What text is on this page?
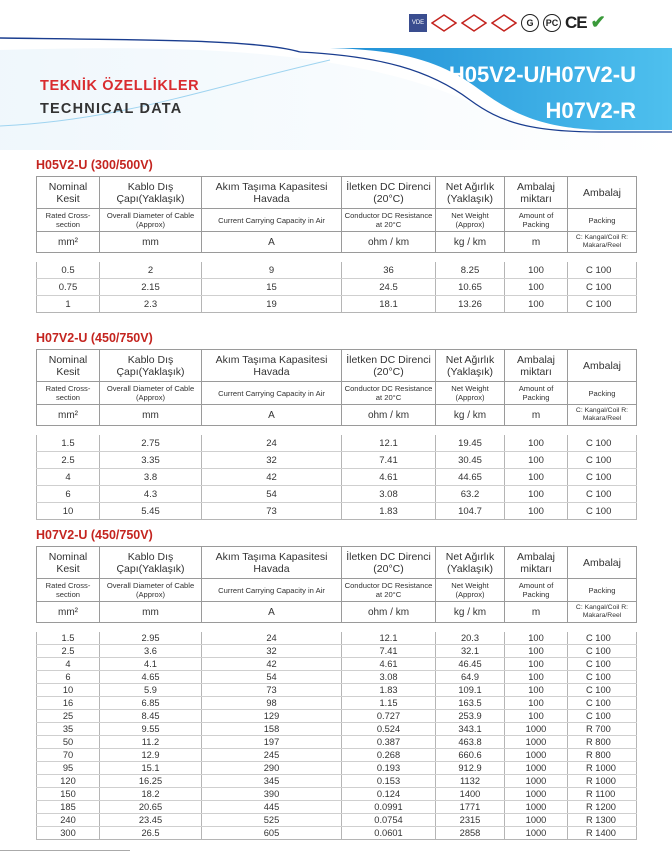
TEKNİK ÖZELLİKLER
TECHNICAL DATA
H05V2-U/H07V2-U
H07V2-R
VDE	G	PC CE ✔
H05V2-U (300/500V)
Nominal Kesit	Kablo Dış Çapı(Yaklaşık)	Akım Taşıma Kapasitesi Havada	İletken DC Direnci (20°C)	Net Ağırlık (Yaklaşık)	Ambalaj miktarı	Ambalaj
Rated Cross-section	Overall Diameter of Cable (Approx)	Current Carrying Capacity in Air	Conductor DC Resistance at 20°C	Net Weight (Approx)	Amount of Packing	Packing
mm²	mm	A	ohm / km	kg / km	m	C: Kangal/Coil R: Makara/Reel
0.5	2	9	36	8.25	100	C 100
0.75	2.15	15	24.5	10.65	100	C 100
1	2.3	19	18.1	13.26	100	C 100
H07V2-U (450/750V)
Nominal Kesit	Kablo Dış Çapı(Yaklaşık)	Akım Taşıma Kapasitesi Havada	İletken DC Direnci (20°C)	Net Ağırlık (Yaklaşık)	Ambalaj miktarı	Ambalaj
Rated Cross-section	Overall Diameter of Cable (Approx)	Current Carrying Capacity in Air	Conductor DC Resistance at 20°C	Net Weight (Approx)	Amount of Packing	Packing
mm²	mm	A	ohm / km	kg / km	m	C: Kangal/Coil R: Makara/Reel
1.5	2.75	24	12.1	19.45	100	C 100
2.5	3.35	32	7.41	30.45	100	C 100
4	3.8	42	4.61	44.65	100	C 100
6	4.3	54	3.08	63.2	100	C 100
10	5.45	73	1.83	104.7	100	C 100
H07V2-U (450/750V)
Nominal Kesit	Kablo Dış Çapı(Yaklaşık)	Akım Taşıma Kapasitesi Havada	İletken DC Direnci (20°C)	Net Ağırlık (Yaklaşık)	Ambalaj miktarı	Ambalaj
Rated Cross-section	Overall Diameter of Cable (Approx)	Current Carrying Capacity in Air	Conductor DC Resistance at 20°C	Net Weight (Approx)	Amount of Packing	Packing
mm²	mm	A	ohm / km	kg / km	m	C: Kangal/Coil R: Makara/Reel
1.5	2.95	24	12.1	20.3	100	C 100
2.5	3.6	32	7.41	32.1	100	C 100
4	4.1	42	4.61	46.45	100	C 100
6	4.65	54	3.08	64.9	100	C 100
10	5.9	73	1.83	109.1	100	C 100
16	6.85	98	1.15	163.5	100	C 100
25	8.45	129	0.727	253.9	100	C 100
35	9.55	158	0.524	343.1	1000	R 700
50	11.2	197	0.387	463.8	1000	R 800
70	12.9	245	0.268	660.6	1000	R 800
95	15.1	290	0.193	912.9	1000	R 1000
120	16.25	345	0.153	1132	1000	R 1000
150	18.2	390	0.124	1400	1000	R 1100
185	20.65	445	0.0991	1771	1000	R 1200
240	23.45	525	0.0754	2315	1000	R 1300
300	26.5	605	0.0601	2858	1000	R 1400
